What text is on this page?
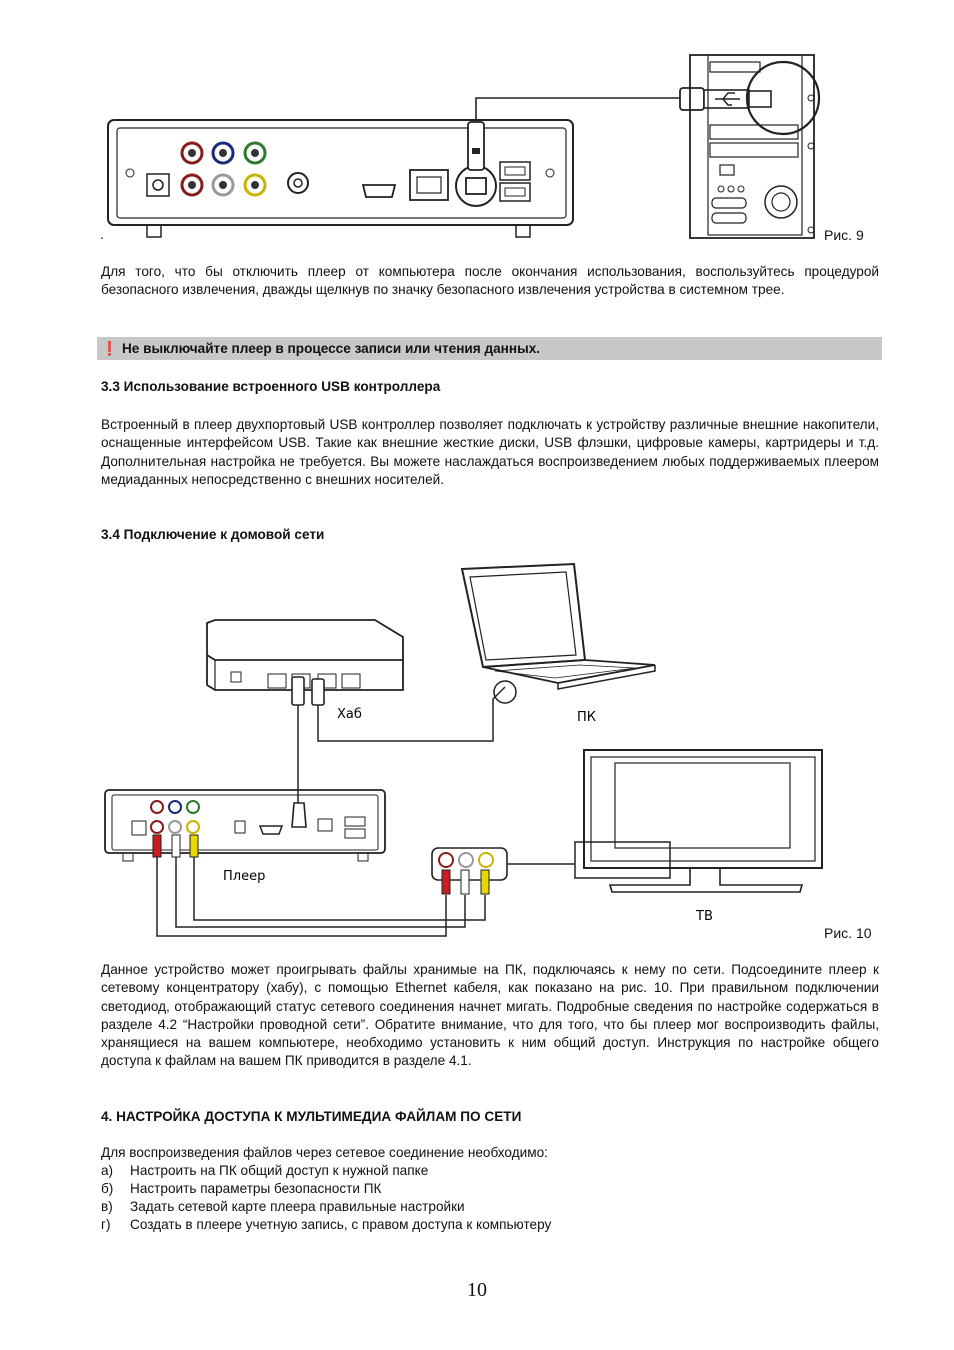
.	Рис. 9
Для того, что бы отключить плеер от компьютера после окончания использования, воспользуйтесь процедурой безопасного извлечения, дважды щелкнув по значку безопасного извлечения устройства в системном трее.
❗ Не выключайте плеер в процессе записи или чтения данных.
3.3 Использование встроенного USB контроллера
Встроенный в плеер двухпортовый USB контроллер позволяет подключать к устройству различные внешние накопители, оснащенные интерфейсом USB. Такие как внешние жесткие диски, USB флэшки, цифровые камеры, картридеры и т.д. Дополнительная настройка не требуется. Вы можете наслаждаться воспроизведением любых поддерживаемых плеером медиаданных непосредственно с внешних носителей.
3.4 Подключение к домовой сети
Хаб	ПК
Плеер
ТВ
Рис. 10
Данное устройство может проигрывать файлы хранимые на ПК, подключаясь к нему по сети. Подсоедините плеер к сетевому концентратору (хабу), с помощью Ethernet кабеля, как показано на рис. 10. При правильном подключении светодиод, отображающий статус сетевого соединения начнет мигать. Подробные сведения по настройке содержаться в разделе 4.2 “Настройки проводной сети”. Обратите внимание, что для того, что бы плеер мог воспроизводить файлы, хранящиеся на вашем компьютере, необходимо установить к ним общий доступ. Инструкция по настройке общего доступа к файлам на вашем ПК приводится в разделе 4.1.
4. НАСТРОЙКА ДОСТУПА К МУЛЬТИМЕДИА ФАЙЛАМ ПО СЕТИ
Для воспроизведения файлов через сетевое соединение необходимо:
а) Настроить на ПК общий доступ к нужной папке
б) Настроить параметры безопасности ПК
в) Задать сетевой карте плеера правильные настройки
г) Создать в плеере учетную запись, с правом доступа к компьютеру
10
